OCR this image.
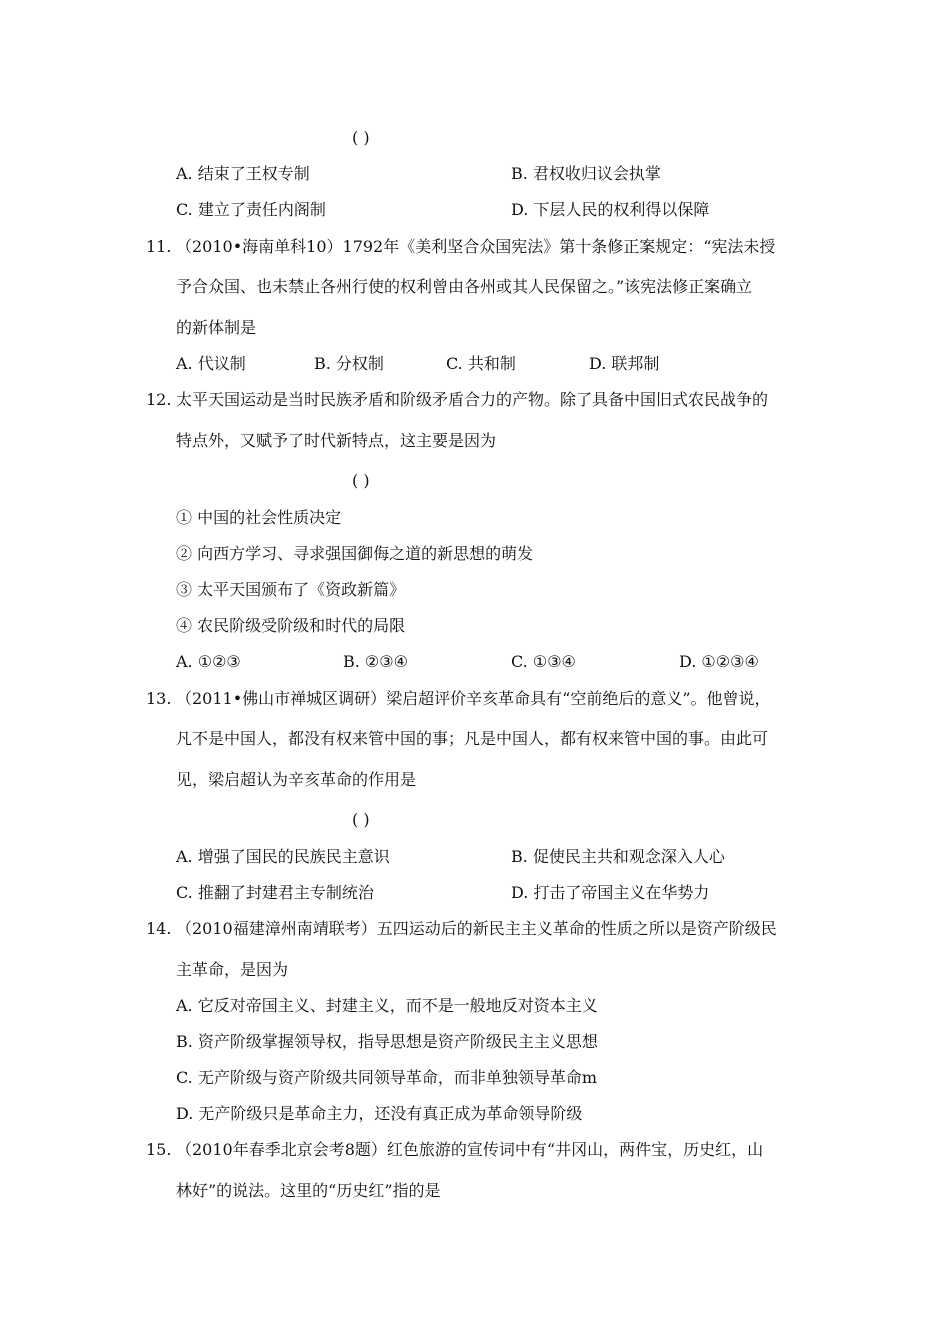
( )
A. 结束了王权专制	B. 君权收归议会执掌
C. 建立了责任内阁制	D. 下层人民的权利得以保障
11. （2010•海南单科10）1792年《美利坚合众国宪法》第十条修正案规定：“宪法未授
予合众国、也未禁止各州行使的权利曾由各州或其人民保留之。”该宪法修正案确立
的新体制是
A. 代议制	B. 分权制	C. 共和制	D. 联邦制
12. 太平天国运动是当时民族矛盾和阶级矛盾合力的产物。除了具备中国旧式农民战争的
特点外，又赋予了时代新特点，这主要是因为
( )
① 中国的社会性质决定
② 向西方学习、寻求强国御侮之道的新思想的萌发
③ 太平天国颁布了《资政新篇》
④ 农民阶级受阶级和时代的局限
A. ①②③	B. ②③④	C. ①③④	D. ①②③④
13. （2011•佛山市禅城区调研）梁启超评价辛亥革命具有“空前绝后的意义”。他曾说，
凡不是中国人，都没有权来管中国的事；凡是中国人，都有权来管中国的事。由此可
见，梁启超认为辛亥革命的作用是
( )
A. 增强了国民的民族民主意识	B. 促使民主共和观念深入人心
C. 推翻了封建君主专制统治	D. 打击了帝国主义在华势力
14. （2010福建漳州南靖联考）五四运动后的新民主主义革命的性质之所以是资产阶级民
主革命，是因为
A. 它反对帝国主义、封建主义，而不是一般地反对资本主义
B. 资产阶级掌握领导权，指导思想是资产阶级民主主义思想
C. 无产阶级与资产阶级共同领导革命，而非单独领导革命m
D. 无产阶级只是革命主力，还没有真正成为革命领导阶级
15. （2010年春季北京会考8题）红色旅游的宣传词中有“井冈山，两件宝，历史红，山
林好”的说法。这里的“历史红”指的是
